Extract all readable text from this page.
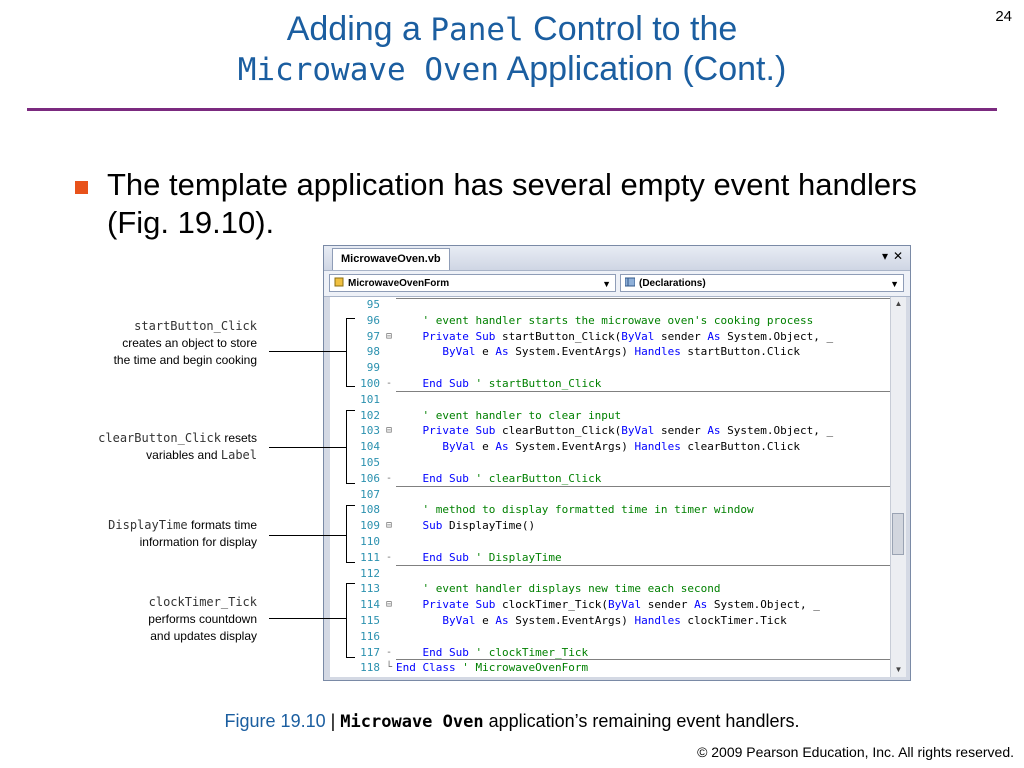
24
Adding a Panel Control to the
Microwave Oven Application (Cont.)
The template application has several empty event handlers (Fig. 19.10).
MicrowaveOven.vb	▾ ✕
MicrowaveOvenForm	▼	(Declarations)	▼
95
96	' event handler starts the microwave oven's cooking process
97 ⊟	Private Sub startButton_Click(ByVal sender As System.Object, _
98	ByVal e As System.EventArgs) Handles startButton.Click
99
100 -	End Sub ' startButton_Click
101
102	' event handler to clear input
103 ⊟	Private Sub clearButton_Click(ByVal sender As System.Object, _
104	ByVal e As System.EventArgs) Handles clearButton.Click
105
106 -	End Sub ' clearButton_Click
107
108	' method to display formatted time in timer window
109 ⊟	Sub DisplayTime()
110
111 -	End Sub ' DisplayTime
112
113	' event handler displays new time each second
114 ⊟	Private Sub clockTimer_Tick(ByVal sender As System.Object, _
115	ByVal e As System.EventArgs) Handles clockTimer.Tick
116
117 -	End Sub ' clockTimer_Tick
118 └ End Class ' MicrowaveOvenForm
▲
▼
startButton_Click
creates an object to store
the time and begin cooking
clearButton_Click resets
variables and Label
DisplayTime formats time
information for display
clockTimer_Tick
performs countdown
and updates display
Figure 19.10 | Microwave Oven application’s remaining event handlers.
© 2009 Pearson Education, Inc. All rights reserved.
